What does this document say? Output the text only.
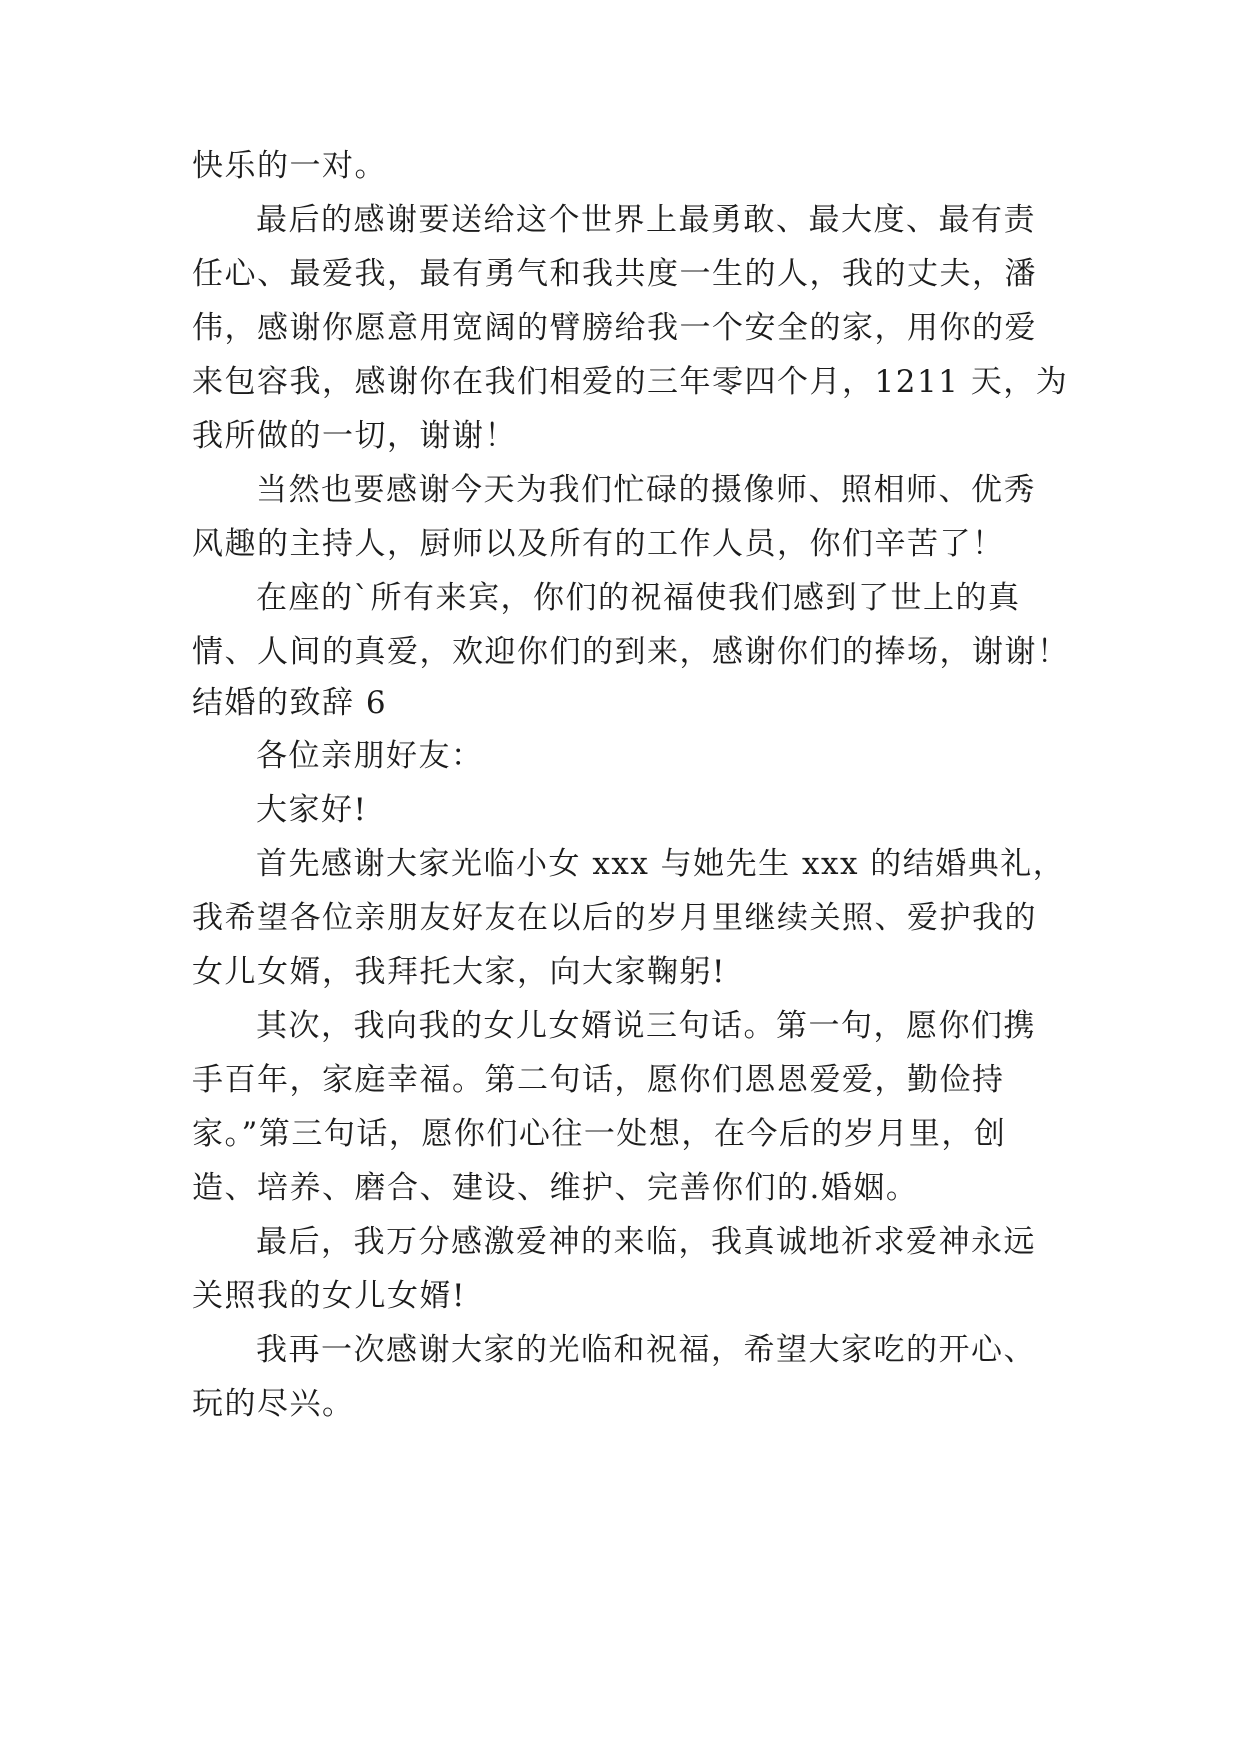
快乐的一对。
最后的感谢要送给这个世界上最勇敢、最大度、最有责
任心、最爱我，最有勇气和我共度一生的人，我的丈夫，潘
伟，感谢你愿意用宽阔的臂膀给我一个安全的家，用你的爱
来包容我，感谢你在我们相爱的三年零四个月，1211 天，为
我所做的一切，谢谢！
当然也要感谢今天为我们忙碌的摄像师、照相师、优秀
风趣的主持人，厨师以及所有的工作人员，你们辛苦了！
在座的`所有来宾，你们的祝福使我们感到了世上的真
情、人间的真爱，欢迎你们的到来，感谢你们的捧场，谢谢！
结婚的致辞 6
各位亲朋好友：
大家好!
首先感谢大家光临小女 xxx 与她先生 xxx 的结婚典礼，
我希望各位亲朋友好友在以后的岁月里继续关照、爱护我的
女儿女婿，我拜托大家，向大家鞠躬!
其次，我向我的女儿女婿说三句话。第一句，愿你们携
手百年，家庭幸福。第二句话，愿你们恩恩爱爱，勤俭持
家。”第三句话，愿你们心往一处想，在今后的岁月里，创
造、培养、磨合、建设、维护、完善你们的.婚姻。
最后，我万分感激爱神的来临，我真诚地祈求爱神永远
关照我的女儿女婿!
我再一次感谢大家的光临和祝福，希望大家吃的开心、
玩的尽兴。
